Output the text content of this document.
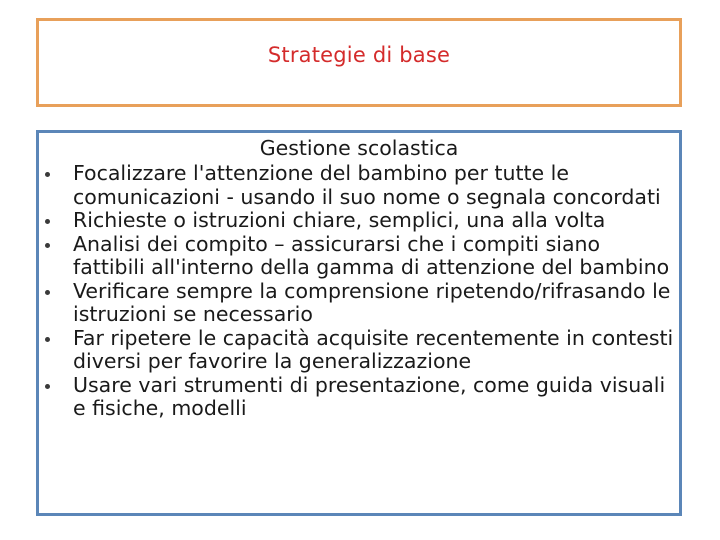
Strategie di base
Gestione scolastica
Focalizzare l'attenzione del bambino per tutte le comunicazioni - usando il suo nome o segnala concordati
Richieste o istruzioni chiare, semplici, una alla volta
Analisi dei compito – assicurarsi che i compiti siano fattibili all'interno della gamma di attenzione del bambino
Verificare sempre la comprensione ripetendo/rifrasando le istruzioni se necessario
Far ripetere le capacità acquisite recentemente in contesti diversi per favorire la generalizzazione
Usare vari strumenti di presentazione, come guida visuali e fisiche, modelli
